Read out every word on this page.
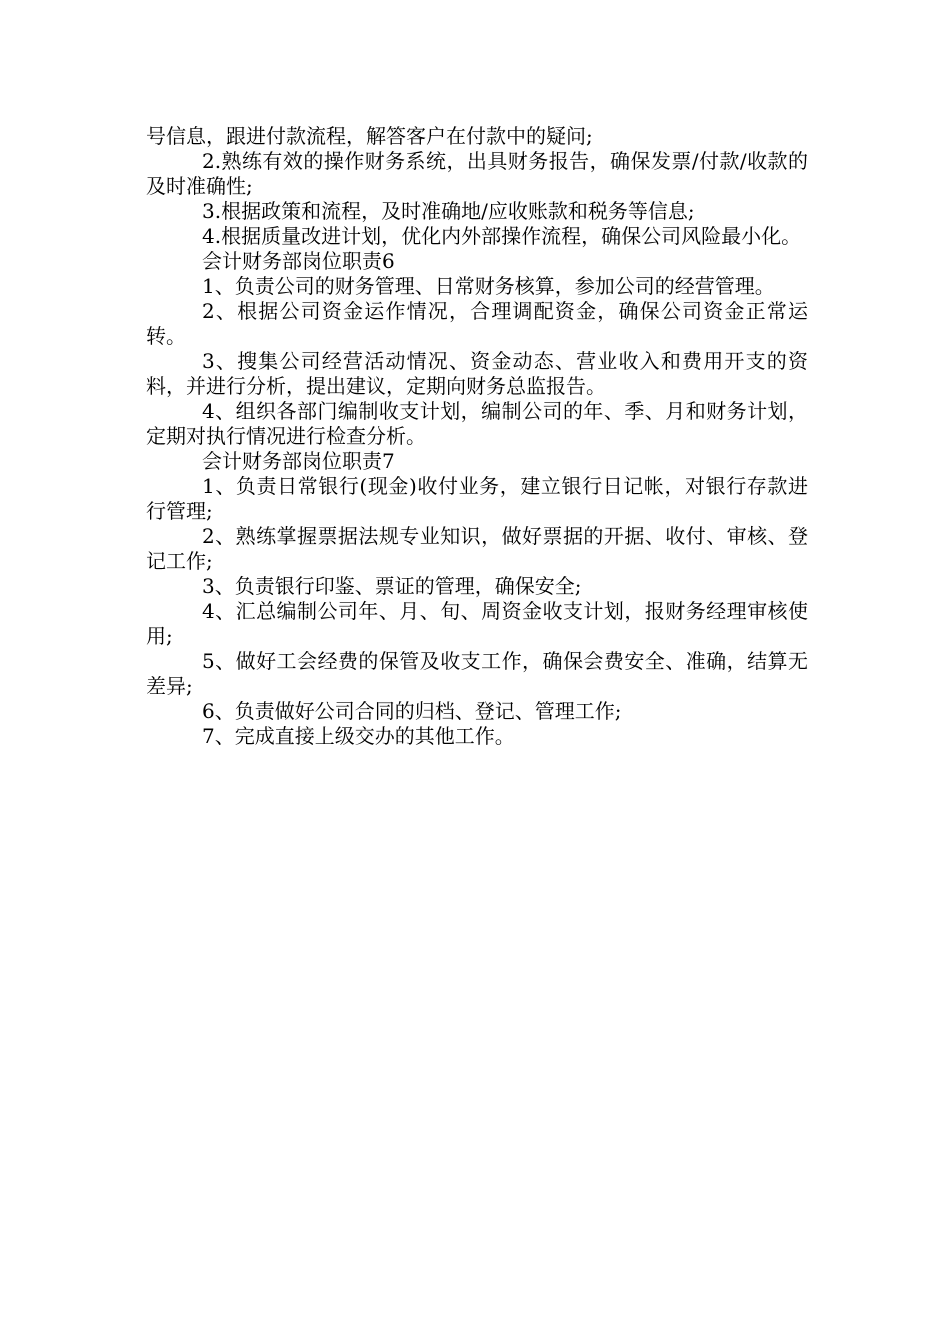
号信息，跟进付款流程，解答客户在付款中的疑问;

2.熟练有效的操作财务系统，出具财务报告，确保发票/付款/收款的及时准确性;

3.根据政策和流程，及时准确地/应收账款和税务等信息;

4.根据质量改进计划，优化内外部操作流程，确保公司风险最小化。

会计财务部岗位职责6

1、负责公司的财务管理、日常财务核算，参加公司的经营管理。

2、根据公司资金运作情况，合理调配资金，确保公司资金正常运转。

3、搜集公司经营活动情况、资金动态、营业收入和费用开支的资料，并进行分析，提出建议，定期向财务总监报告。

4、组织各部门编制收支计划，编制公司的年、季、月和财务计划，定期对执行情况进行检查分析。

会计财务部岗位职责7

1、负责日常银行(现金)收付业务，建立银行日记帐，对银行存款进行管理;

2、熟练掌握票据法规专业知识，做好票据的开据、收付、审核、登记工作;

3、负责银行印鉴、票证的管理，确保安全;

4、汇总编制公司年、月、旬、周资金收支计划，报财务经理审核使用;

5、做好工会经费的保管及收支工作，确保会费安全、准确，结算无差异;

6、负责做好公司合同的归档、登记、管理工作;

7、完成直接上级交办的其他工作。
